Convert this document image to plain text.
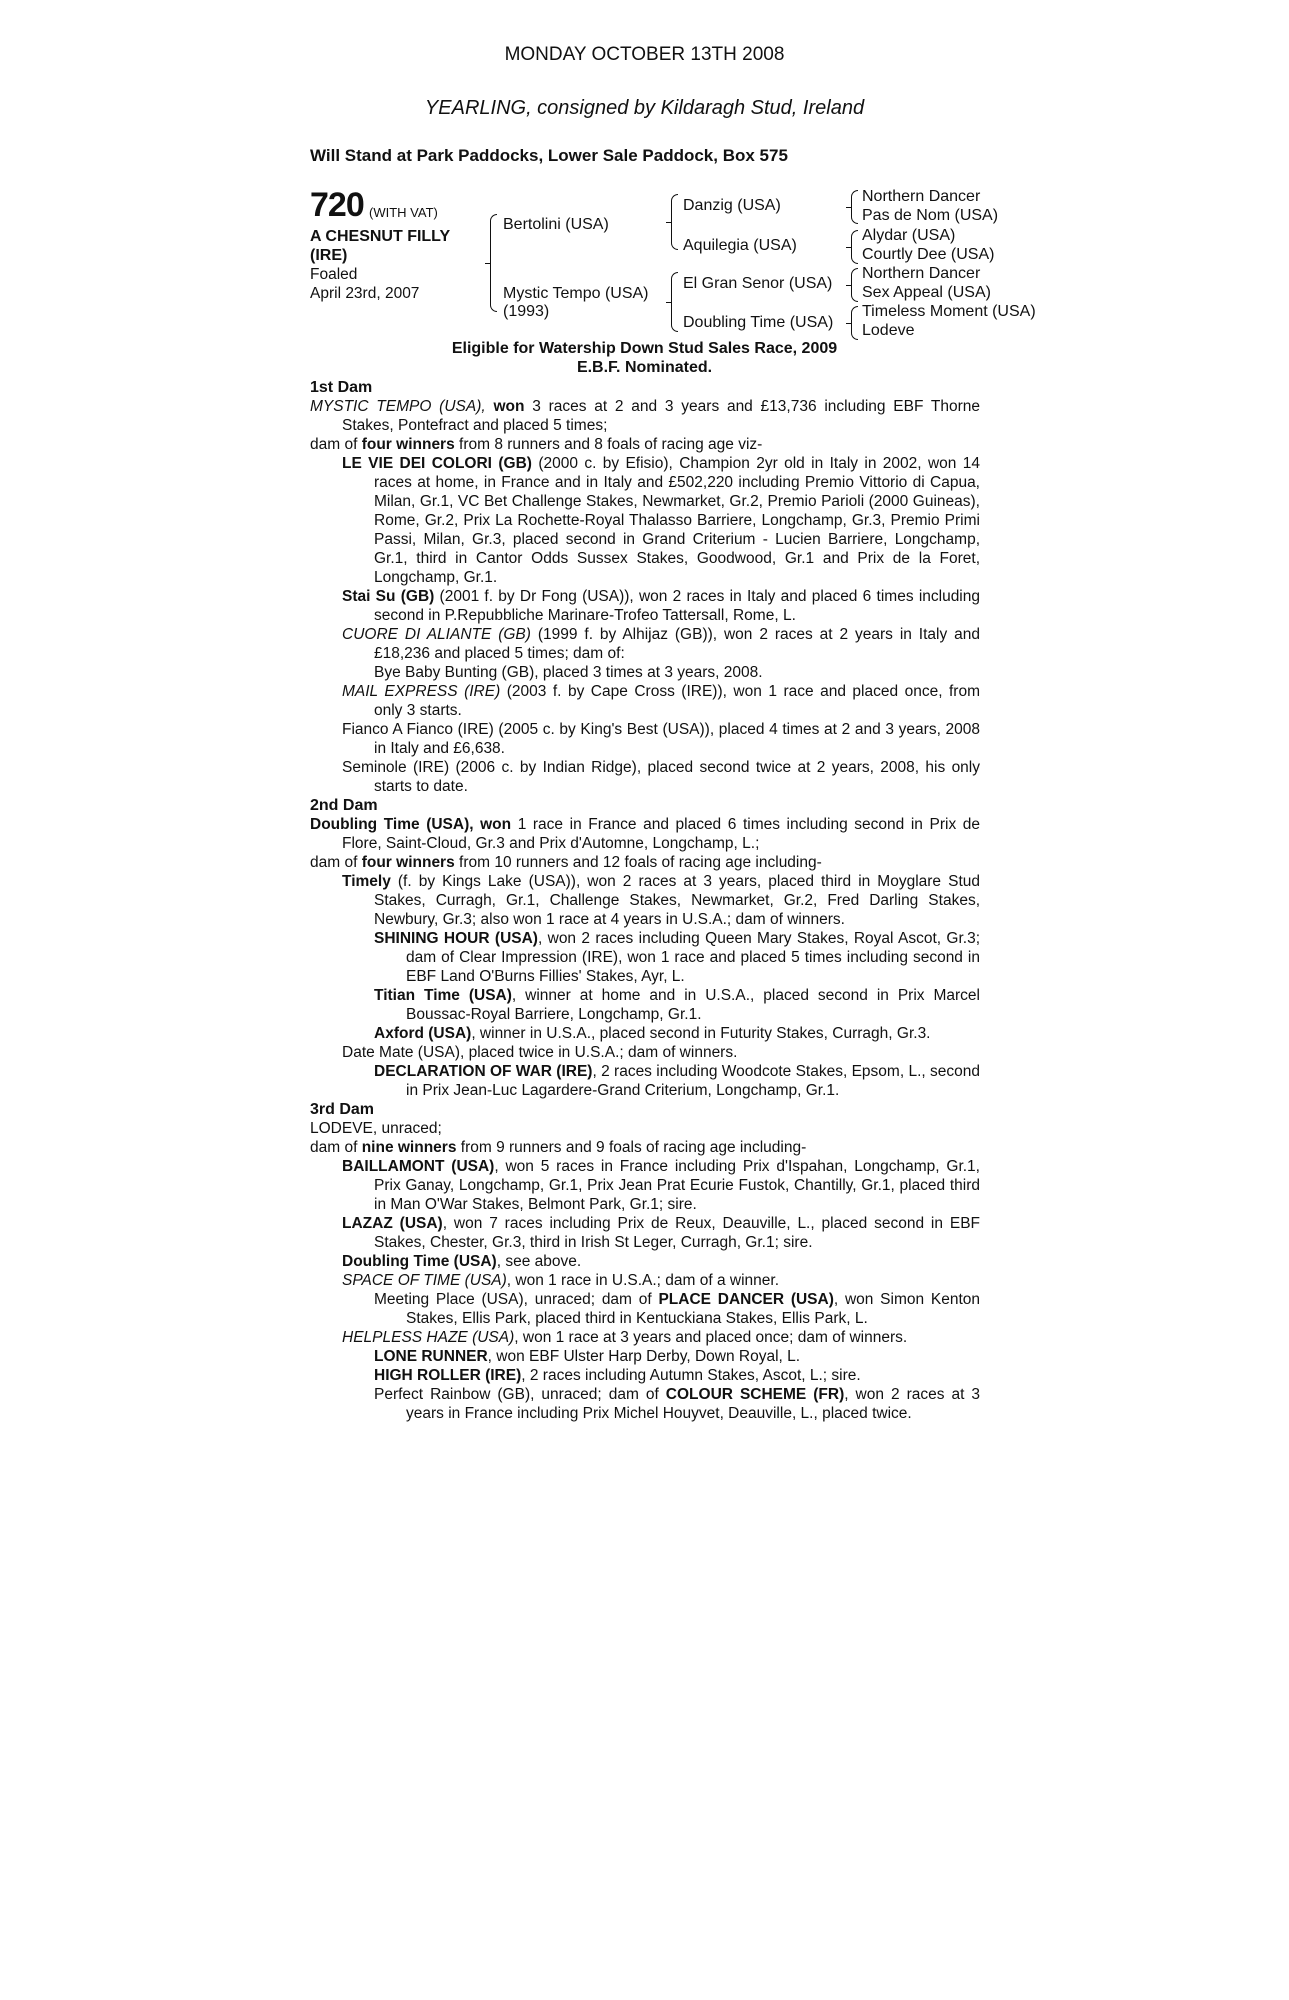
MONDAY OCTOBER 13TH 2008
YEARLING, consigned by Kildaragh Stud, Ireland
Will Stand at Park Paddocks, Lower Sale Paddock, Box 575
720 (WITH VAT)
A CHESNUT FILLY
(IRE)
Foaled
April 23rd, 2007
Bertolini (USA)
Mystic Tempo (USA)
(1993)
Danzig (USA)
Aquilegia (USA)
El Gran Senor (USA)
Doubling Time (USA)
Northern Dancer
Pas de Nom (USA)
Alydar (USA)
Courtly Dee (USA)
Northern Dancer
Sex Appeal (USA)
Timeless Moment (USA)
Lodeve
Eligible for Watership Down Stud Sales Race, 2009
E.B.F. Nominated.

1st Dam

MYSTIC TEMPO (USA), won 3 races at 2 and 3 years and £13,736 including EBF Thorne Stakes, Pontefract and placed 5 times;

dam of four winners from 8 runners and 8 foals of racing age viz-

LE VIE DEI COLORI (GB) (2000 c. by Efisio), Champion 2yr old in Italy in 2002, won 14 races at home, in France and in Italy and £502,220 including Premio Vittorio di Capua, Milan, Gr.1, VC Bet Challenge Stakes, Newmarket, Gr.2, Premio Parioli (2000 Guineas), Rome, Gr.2, Prix La Rochette-Royal Thalasso Barriere, Longchamp, Gr.3, Premio Primi Passi, Milan, Gr.3, placed second in Grand Criterium - Lucien Barriere, Longchamp, Gr.1, third in Cantor Odds Sussex Stakes, Goodwood, Gr.1 and Prix de la Foret, Longchamp, Gr.1.

Stai Su (GB) (2001 f. by Dr Fong (USA)), won 2 races in Italy and placed 6 times including second in P.Repubbliche Marinare-Trofeo Tattersall, Rome, L.

CUORE DI ALIANTE (GB) (1999 f. by Alhijaz (GB)), won 2 races at 2 years in Italy and £18,236 and placed 5 times; dam of:

Bye Baby Bunting (GB), placed 3 times at 3 years, 2008.

MAIL EXPRESS (IRE) (2003 f. by Cape Cross (IRE)), won 1 race and placed once, from only 3 starts.

Fianco A Fianco (IRE) (2005 c. by King's Best (USA)), placed 4 times at 2 and 3 years, 2008 in Italy and £6,638.

Seminole (IRE) (2006 c. by Indian Ridge), placed second twice at 2 years, 2008, his only starts to date.

2nd Dam

Doubling Time (USA), won 1 race in France and placed 6 times including second in Prix de Flore, Saint-Cloud, Gr.3 and Prix d'Automne, Longchamp, L.;

dam of four winners from 10 runners and 12 foals of racing age including-

Timely (f. by Kings Lake (USA)), won 2 races at 3 years, placed third in Moyglare Stud Stakes, Curragh, Gr.1, Challenge Stakes, Newmarket, Gr.2, Fred Darling Stakes, Newbury, Gr.3; also won 1 race at 4 years in U.S.A.; dam of winners.

SHINING HOUR (USA), won 2 races including Queen Mary Stakes, Royal Ascot, Gr.3; dam of Clear Impression (IRE), won 1 race and placed 5 times including second in EBF Land O'Burns Fillies' Stakes, Ayr, L.

Titian Time (USA), winner at home and in U.S.A., placed second in Prix Marcel Boussac-Royal Barriere, Longchamp, Gr.1.

Axford (USA), winner in U.S.A., placed second in Futurity Stakes, Curragh, Gr.3.

Date Mate (USA), placed twice in U.S.A.; dam of winners.

DECLARATION OF WAR (IRE), 2 races including Woodcote Stakes, Epsom, L., second in Prix Jean-Luc Lagardere-Grand Criterium, Longchamp, Gr.1.

3rd Dam

LODEVE, unraced;

dam of nine winners from 9 runners and 9 foals of racing age including-

BAILLAMONT (USA), won 5 races in France including Prix d'Ispahan, Longchamp, Gr.1, Prix Ganay, Longchamp, Gr.1, Prix Jean Prat Ecurie Fustok, Chantilly, Gr.1, placed third in Man O'War Stakes, Belmont Park, Gr.1; sire.

LAZAZ (USA), won 7 races including Prix de Reux, Deauville, L., placed second in EBF Stakes, Chester, Gr.3, third in Irish St Leger, Curragh, Gr.1; sire.

Doubling Time (USA), see above.

SPACE OF TIME (USA), won 1 race in U.S.A.; dam of a winner.

Meeting Place (USA), unraced; dam of PLACE DANCER (USA), won Simon Kenton Stakes, Ellis Park, placed third in Kentuckiana Stakes, Ellis Park, L.

HELPLESS HAZE (USA), won 1 race at 3 years and placed once; dam of winners.

LONE RUNNER, won EBF Ulster Harp Derby, Down Royal, L.

HIGH ROLLER (IRE), 2 races including Autumn Stakes, Ascot, L.; sire.

Perfect Rainbow (GB), unraced; dam of COLOUR SCHEME (FR), won 2 races at 3 years in France including Prix Michel Houyvet, Deauville, L., placed twice.
